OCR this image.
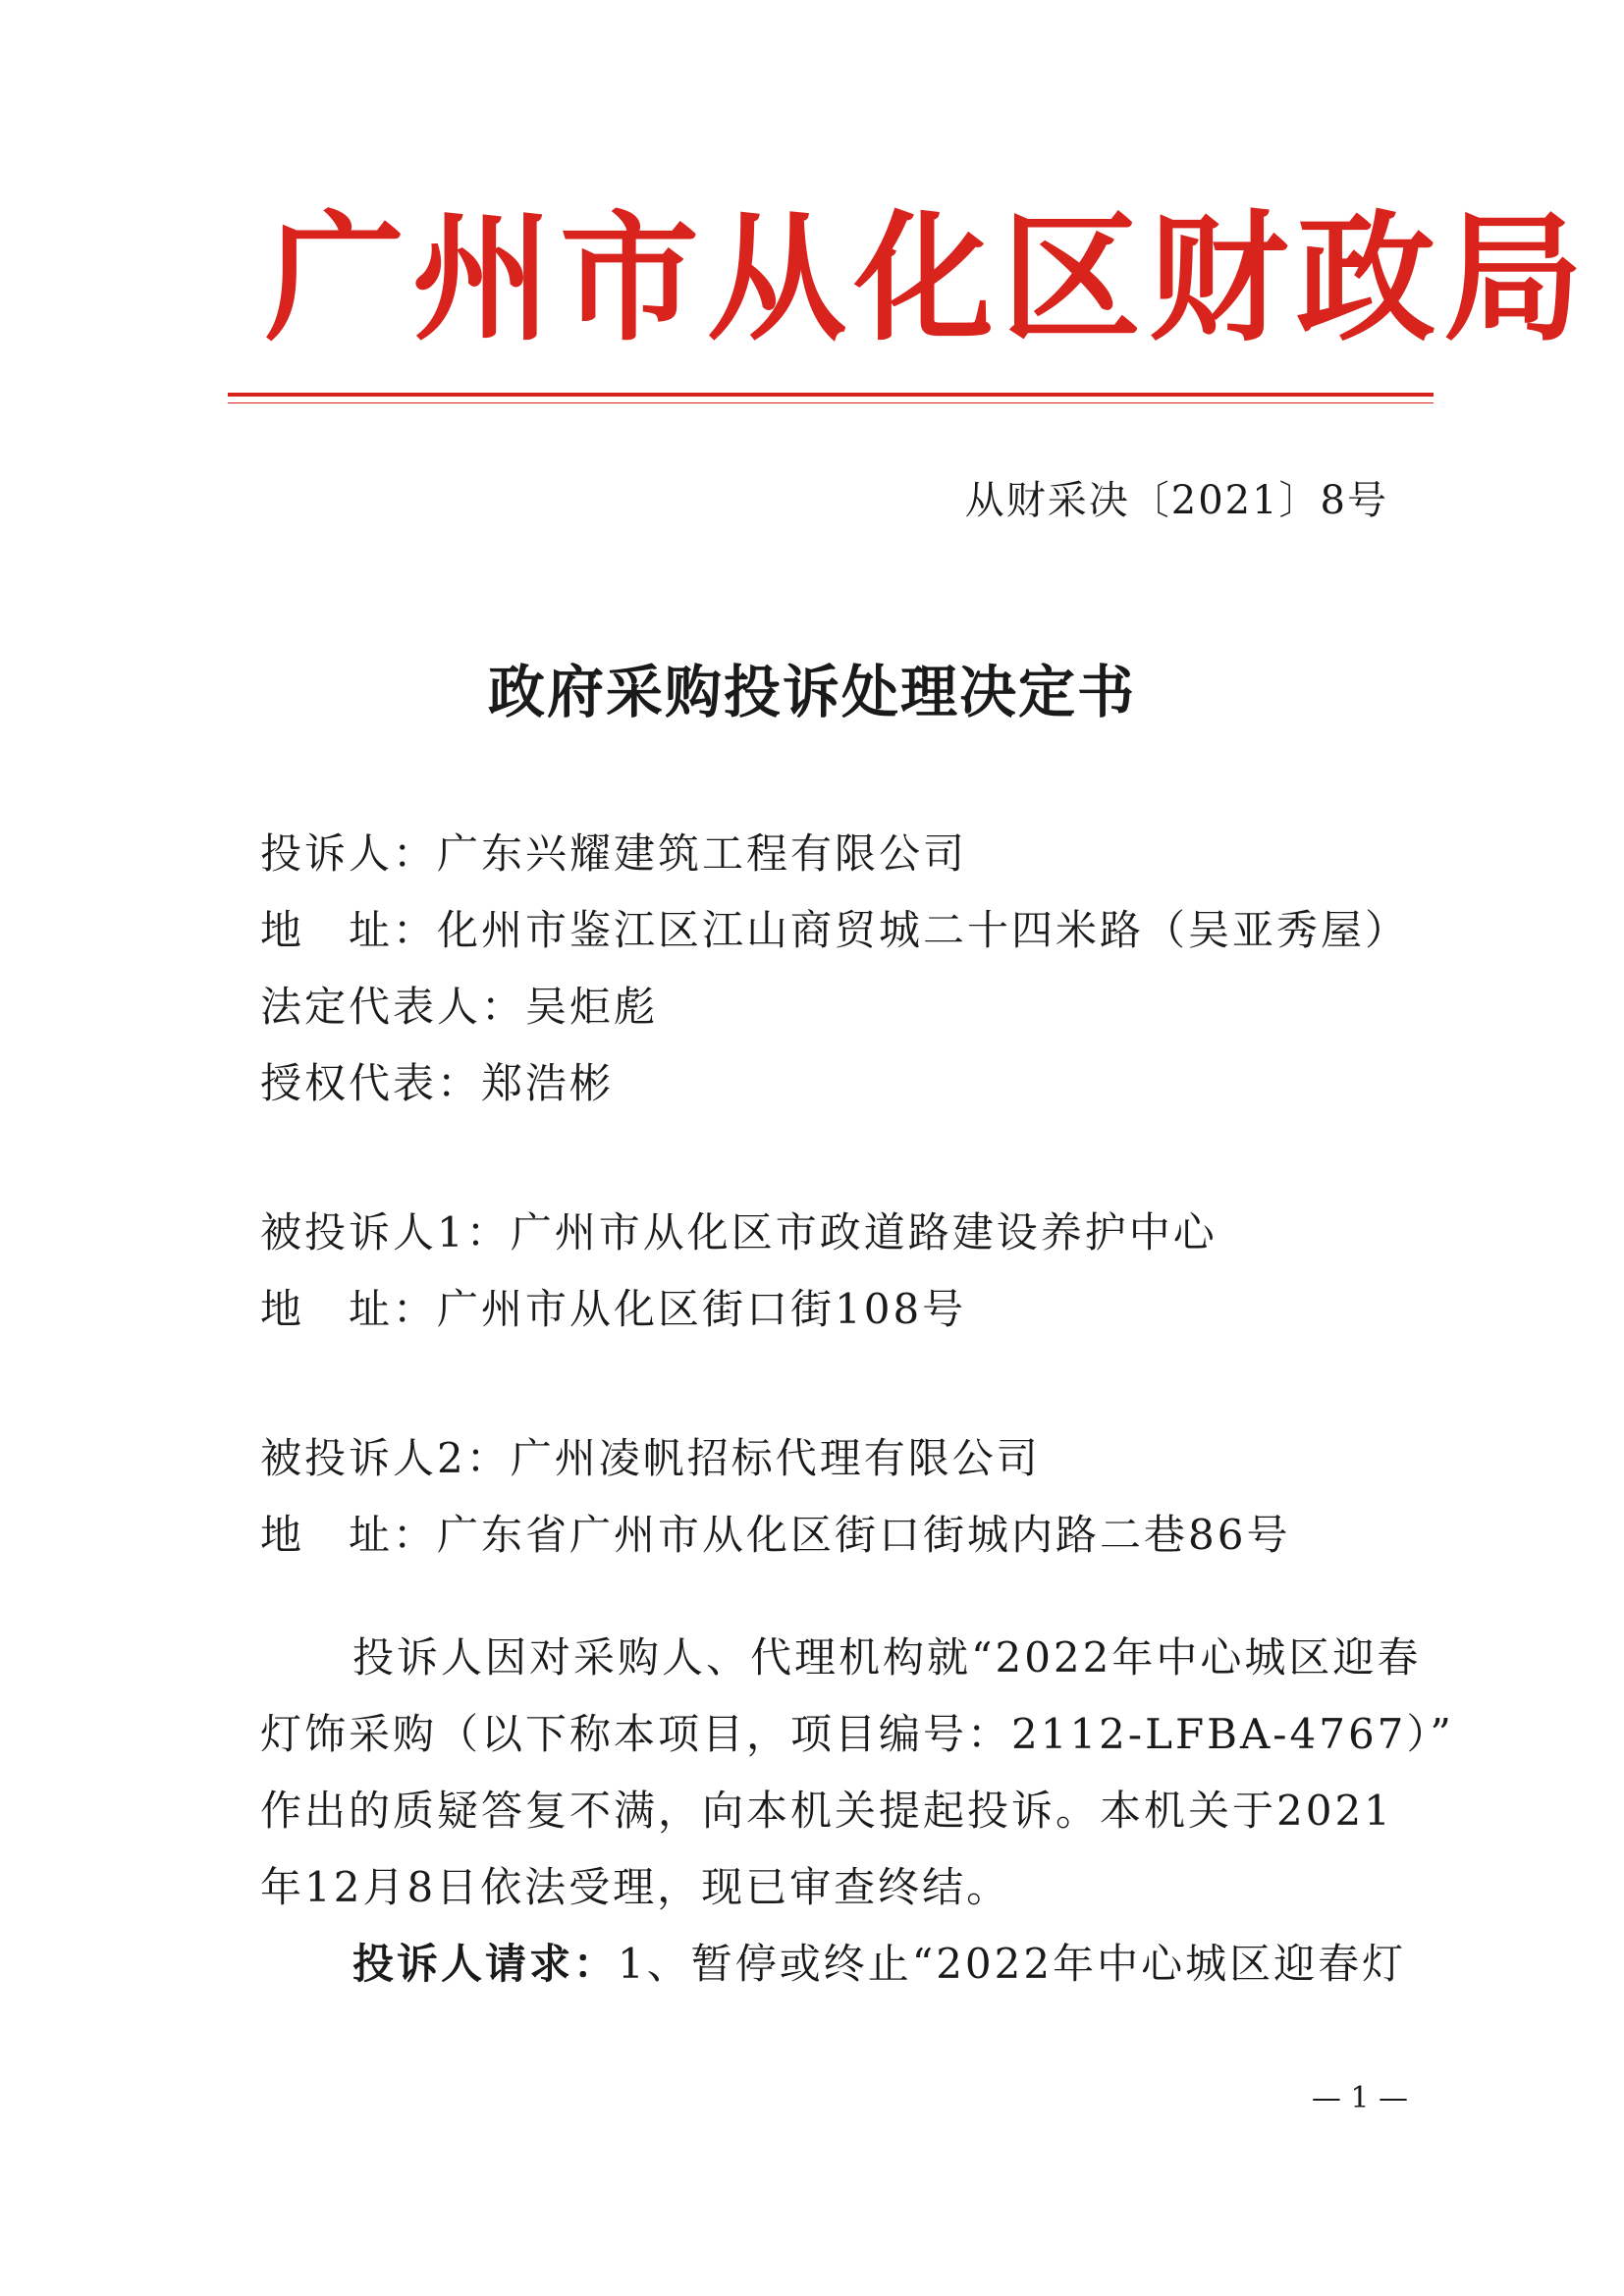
广州市从化区财政局
从财采决〔2021〕8号
政府采购投诉处理决定书
投诉人：广东兴耀建筑工程有限公司
地　址：化州市鉴江区江山商贸城二十四米路（吴亚秀屋）
法定代表人：吴炬彪
授权代表：郑浩彬
被投诉人1：广州市从化区市政道路建设养护中心
地　址：广州市从化区街口街108号
被投诉人2：广州凌帆招标代理有限公司
地　址：广东省广州市从化区街口街城内路二巷86号
投诉人因对采购人、代理机构就“2022年中心城区迎春
灯饰采购（以下称本项目，项目编号：2112-LFBA-4767）”
作出的质疑答复不满，向本机关提起投诉。本机关于2021
年12月8日依法受理，现已审查终结。
投诉人请求：1、暂停或终止“2022年中心城区迎春灯
— 1 —
